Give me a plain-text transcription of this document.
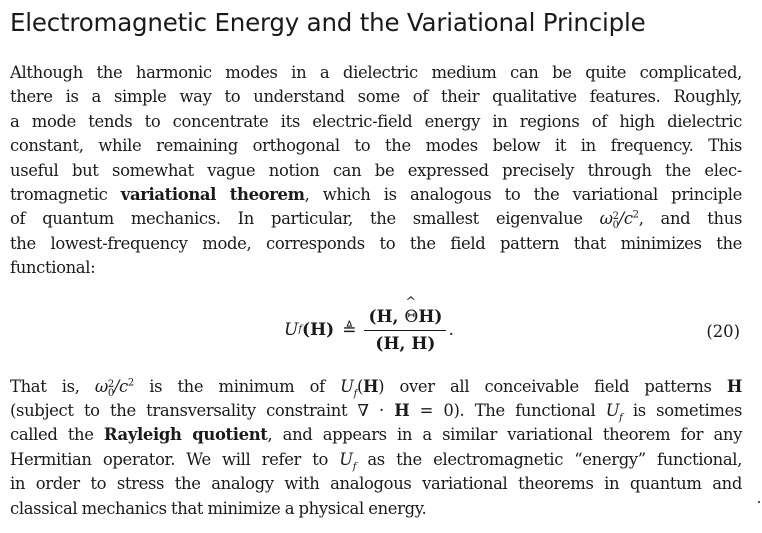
Electromagnetic Energy and the Variational Principle

Although the harmonic modes in a dielectric medium can be quite complicated,
there is a simple way to understand some of their qualitative features. Roughly,
a mode tends to concentrate its electric-field energy in regions of high dielectric
constant, while remaining orthogonal to the modes below it in frequency. This
useful but somewhat vague notion can be expressed precisely through the elec-
tromagnetic variational theorem, which is analogous to the variational principle
of quantum mechanics. In particular, the smallest eigenvalue ω 2
0 $/c^2$, and thus
the lowest-frequency mode, corresponds to the field pattern that minimizes the
functional:

U f (H) ≜ $\frac{(H, \^{} \Theta H)}{(H, H)}$ .	(20)

That is, ω 2
0 $/c^2$ is the minimum of $U_f(H)$ over all conceivable field patterns H
(subject to the transversality constraint ∇ · H = 0). The functional $U_f$ is sometimes
called the Rayleigh quotient, and appears in a similar variational theorem for any
Hermitian operator. We will refer to $U_f$ as the electromagnetic “energy” functional,
in order to stress the analogy with analogous variational theorems in quantum and
classical mechanics that minimize a physical energy.
